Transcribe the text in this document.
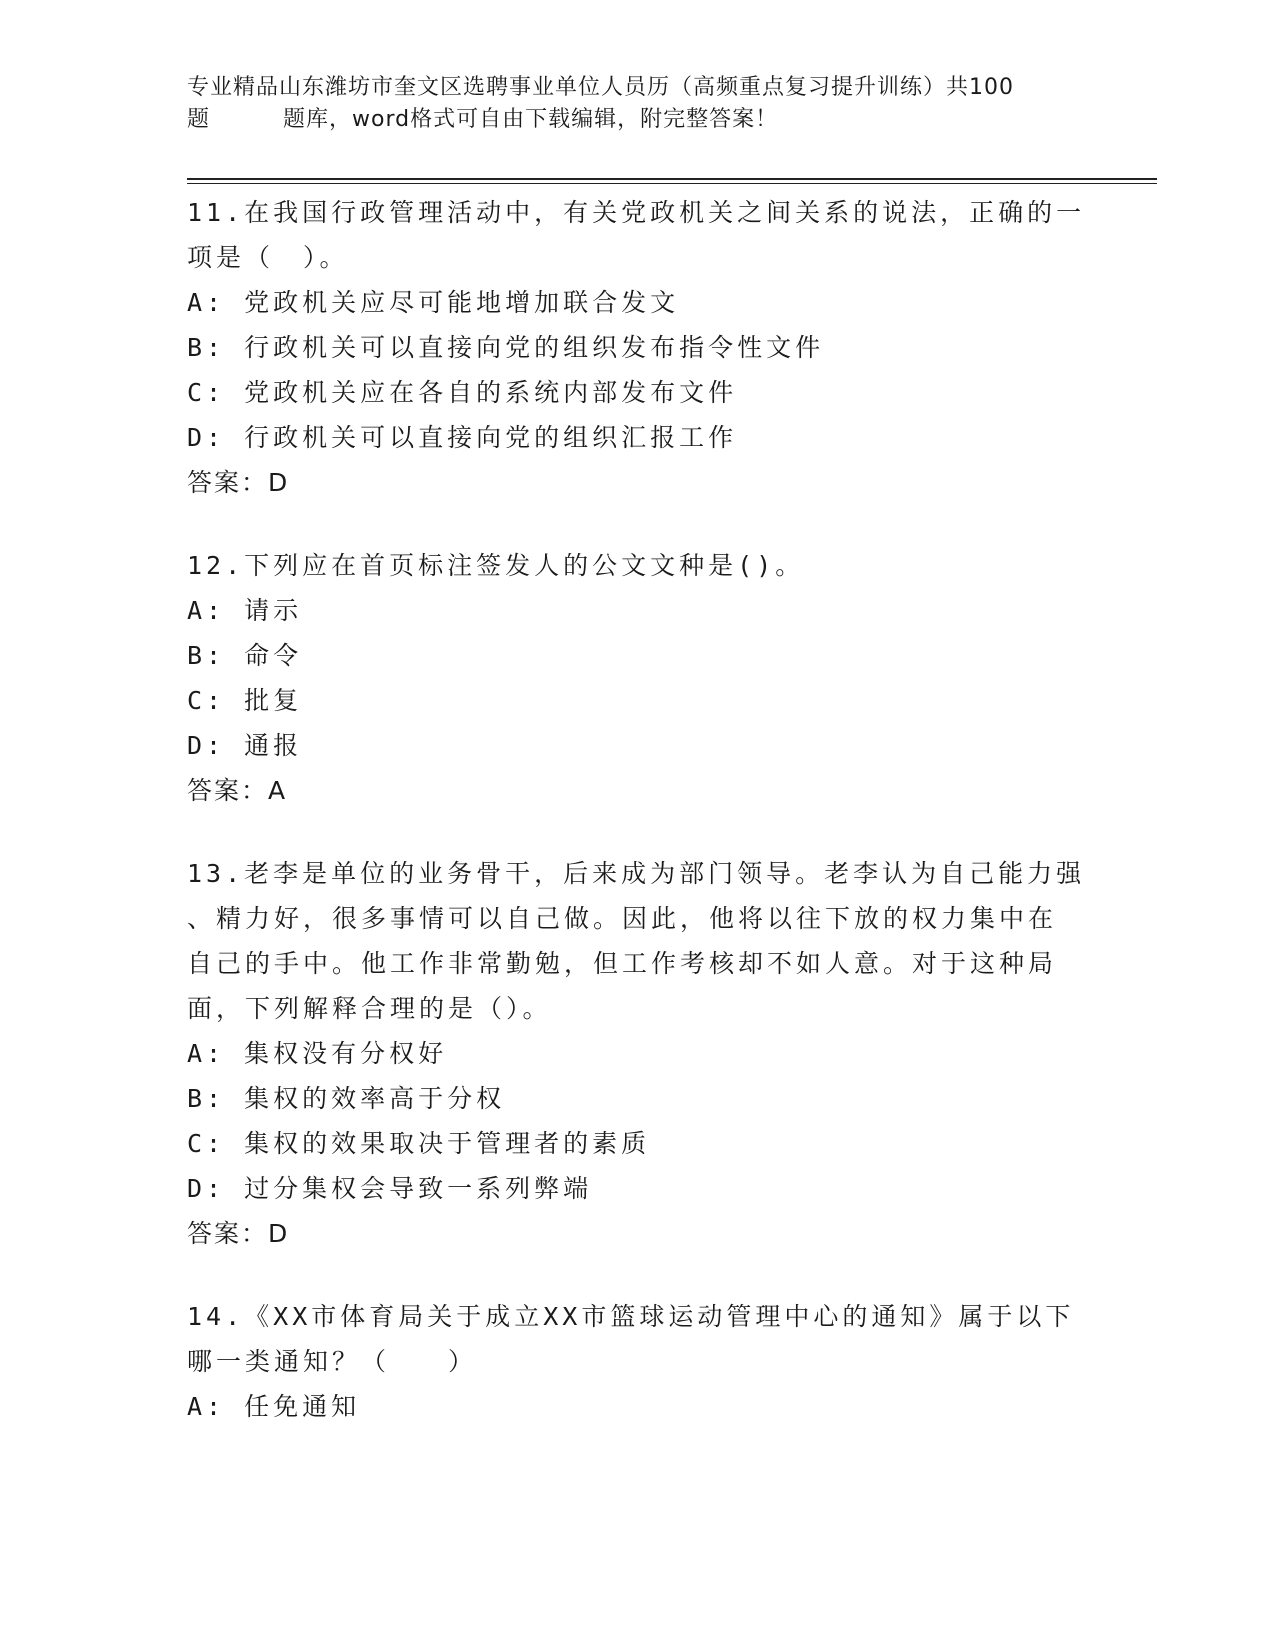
专业精品山东潍坊市奎文区选聘事业单位人员历（高频重点复习提升训练）共100
题	题库，word格式可自由下载编辑，附完整答案！

11.在我国行政管理活动中，有关党政机关之间关系的说法，正确的一

项是（　）。

A: 党政机关应尽可能地增加联合发文

B: 行政机关可以直接向党的组织发布指令性文件

C: 党政机关应在各自的系统内部发布文件

D: 行政机关可以直接向党的组织汇报工作

答案：D

12.下列应在首页标注签发人的公文文种是()。

A: 请示

B: 命令

C: 批复

D: 通报

答案：A

13.老李是单位的业务骨干，后来成为部门领导。老李认为自己能力强

、精力好，很多事情可以自己做。因此，他将以往下放的权力集中在

自己的手中。他工作非常勤勉，但工作考核却不如人意。对于这种局

面，下列解释合理的是（）。

A: 集权没有分权好

B: 集权的效率高于分权

C: 集权的效果取决于管理者的素质

D: 过分集权会导致一系列弊端

答案：D

14.《XX市体育局关于成立XX市篮球运动管理中心的通知》属于以下

哪一类通知？（　　）

A: 任免通知
